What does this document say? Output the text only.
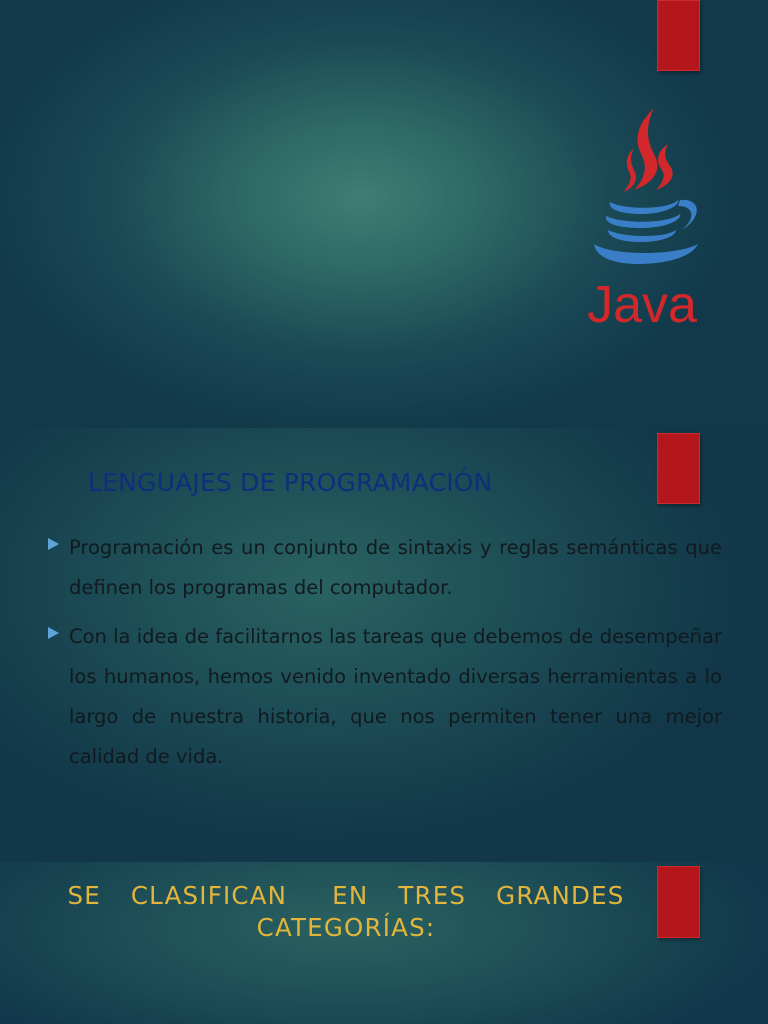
Java
LENGUAJES DE PROGRAMACIÓN
Programación es un conjunto de sintaxis y reglas semánticas que definen los programas del computador.
Con la idea de facilitarnos las tareas que debemos de desempeñar los humanos, hemos venido inventado diversas herramientas a lo largo de nuestra historia, que nos permiten tener una mejor calidad de vida.
SE  CLASIFICAN   EN  TRES  GRANDES
CATEGORÍAS:
